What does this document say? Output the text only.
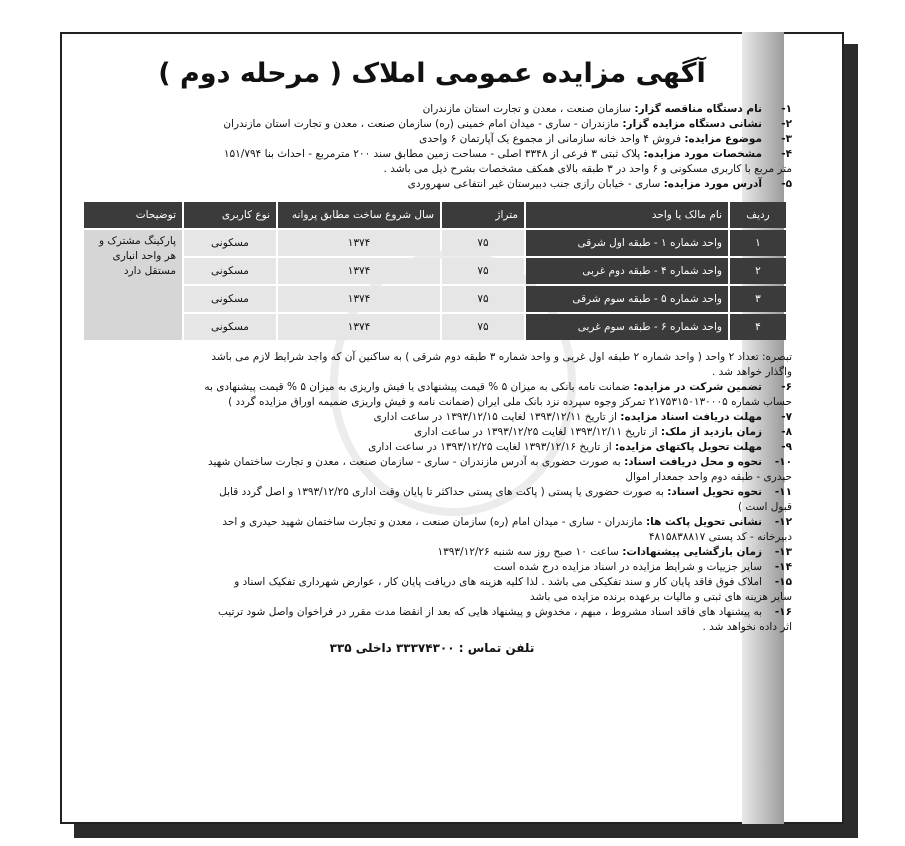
آگهی مزایده عمومی املاک ( مرحله دوم )
۱-نام دستگاه مناقصه گزار: سازمان صنعت ، معدن و تجارت استان مازندران
۲-نشانی دستگاه مزایده گزار: مازندران - ساری - میدان امام خمینی (ره) سازمان صنعت ، معدن و تجارت استان مازندران
۳-موضوع مزایده: فروش ۴ واحد خانه سازمانی از مجموع یک آپارتمان ۶ واحدی
۴-مشخصات مورد مزایده: پلاک ثبتی ۳ فرعی از ۳۳۴۸ اصلی - مساحت زمین مطابق سند ۲۰۰ مترمربع - احداث بنا ۱۵۱/۷۹۴
متر مربع با کاربری مسکونی و ۶ واحد در ۳ طبقه بالای همکف مشخصات بشرح ذیل می باشد .
۵-آدرس مورد مزایده: ساری - خیابان رازی جنب دبیرستان غیر انتفاعی سهروردی
ردیف	نام مالک یا واحد	متراژ	سال شروع ساخت مطابق پروانه	نوع کاربری	توضیحات
۱	واحد شماره ۱ - طبقه اول شرقی	۷۵	۱۳۷۴	مسکونی	پارکینگ مشترک و هر واحد انباری مستقل دارد
۲	واحد شماره ۴ - طبقه دوم غربی	۷۵	۱۳۷۴	مسکونی	
۳	واحد شماره ۵ - طبقه سوم شرقی	۷۵	۱۳۷۴	مسکونی	
۴	واحد شماره ۶ - طبقه سوم غربی	۷۵	۱۳۷۴	مسکونی	
تبصره: تعداد ۲ واحد ( واحد شماره ۲ طبقه اول غربی و واحد شماره ۳ طبقه دوم شرقی ) به ساکنین آن که واجد شرایط لازم می باشد
واگذار خواهد شد .
۶-تضمین شرکت در مزایده: ضمانت نامه بانکی به میزان ۵ % قیمت پیشنهادی یا فیش واریزی به میزان ۵ % قیمت پیشنهادی به
حساب شماره ۲۱۷۵۳۱۵۰۱۳۰۰۰۵ تمرکز وجوه سپرده نزد بانک ملی ایران (ضمانت نامه و فیش واریزی ضمیمه اوراق مزایده گردد )
۷-مهلت دریافت اسناد مزایده: از تاریخ ۱۳۹۳/۱۲/۱۱ لغایت ۱۳۹۳/۱۲/۱۵ در ساعت اداری
۸-زمان بازدید از ملک: از تاریخ ۱۳۹۳/۱۲/۱۱ لغایت ۱۳۹۳/۱۲/۲۵ در ساعت اداری
۹-مهلت تحویل پاکتهای مزایده: از تاریخ ۱۳۹۳/۱۲/۱۶ لغایت ۱۳۹۳/۱۲/۲۵ در ساعت اداری
۱۰-نحوه و محل دریافت اسناد: به صورت حضوری به آدرس مازندران - ساری - سازمان صنعت ، معدن و تجارت ساختمان شهید
حیدری - طبقه دوم واحد جمعدار اموال
۱۱-نحوه تحویل اسناد: به صورت حضوری یا پستی ( پاکت های پستی حداکثر تا پایان وقت اداری ۱۳۹۳/۱۲/۲۵ و اصل گردد قابل
قبول است )
۱۲-نشانی تحویل پاکت ها: مازندران - ساری - میدان امام (ره) سازمان صنعت ، معدن و تجارت ساختمان شهید حیدری و احد
دبیرخانه - کد پستی ۴۸۱۵۸۳۸۸۱۷
۱۳-زمان بازگشایی پیشنهادات: ساعت ۱۰ صبح روز سه شنبه ۱۳۹۳/۱۲/۲۶
۱۴-سایر جزییات و شرایط مزایده در اسناد مزایده درج شده است
۱۵-املاک فوق فاقد پایان کار و سند تفکیکی می باشد . لذا کلیه هزینه های دریافت پایان کار ، عوارض شهرداری تفکیک اسناد و
سایر هزینه های ثبتی و مالیات برعهده برنده مزایده می باشد
۱۶-به پیشنهاد های فاقد اسناد مشروط ، مبهم ، مخدوش و پیشنهاد هایی که بعد از انقضا مدت مقرر در فراخوان واصل شود ترتیب
اثر داده نخواهد شد .
تلفن تماس : ۳۳۳۷۴۳۰۰ داخلی ۳۳۵
